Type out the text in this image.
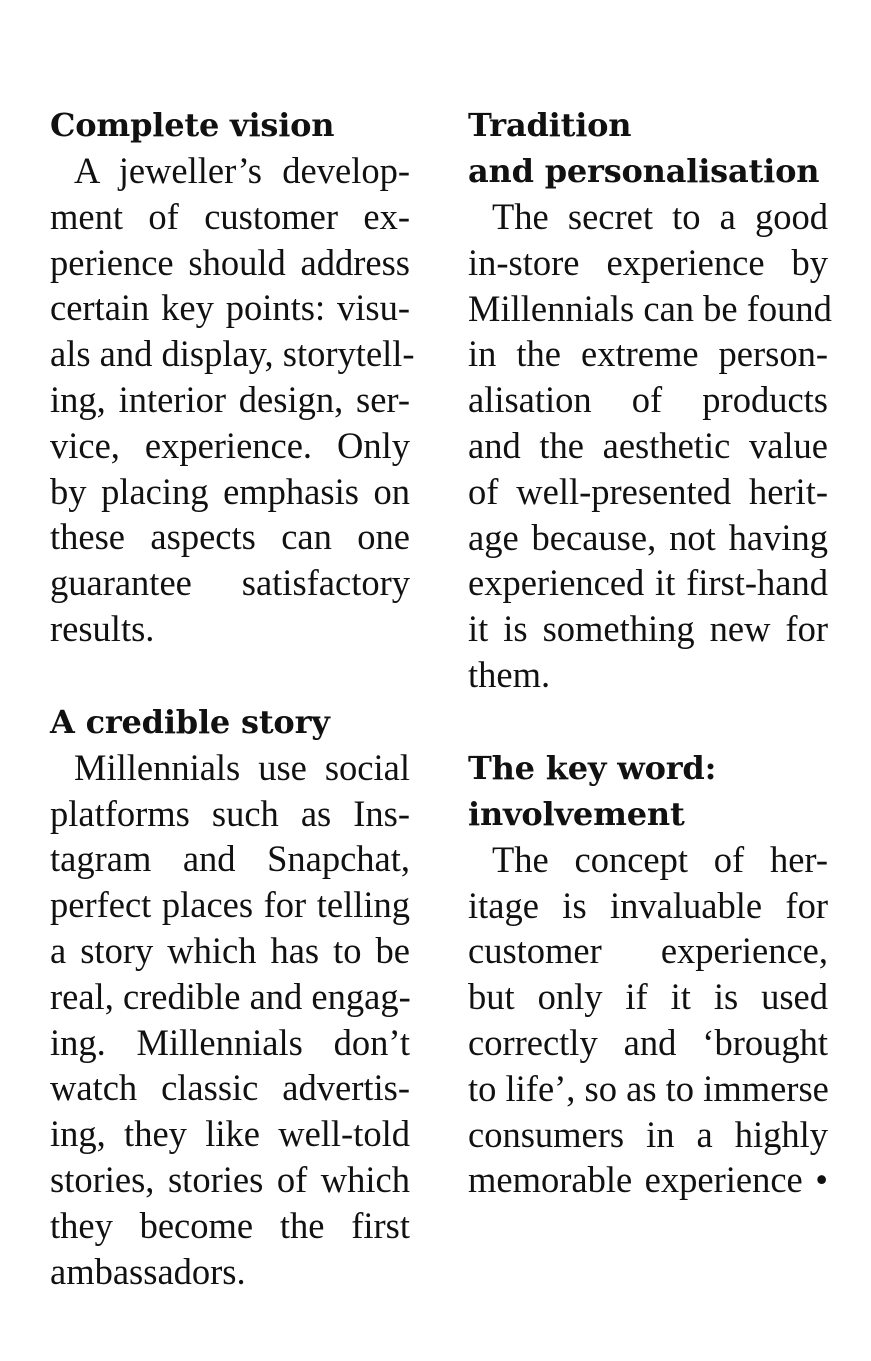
Complete vision

A jeweller’s develop-
ment of customer ex-
perience should address
certain key points: visu-
als and display, storytell-
ing, interior design, ser-
vice, experience. Only
by placing emphasis on
these aspects can one
guarantee satisfactory
results.

A credible story

Millennials use social
platforms such as Ins-
tagram and Snapchat,
perfect places for telling
a story which has to be
real, credible and engag-
ing. Millennials don’t
watch classic advertis-
ing, they like well-told
stories, stories of which
they become the first
ambassadors.

Tradition
and personalisation

The secret to a good
in-store experience by
Millennials can be found
in the extreme person-
alisation of products
and the aesthetic value
of well-presented herit-
age because, not having
experienced it first-hand
it is something new for
them.

The key word:
involvement

The concept of her-
itage is invaluable for
customer experience,
but only if it is used
correctly and ‘brought
to life’, so as to immerse
consumers in a highly
memorable experience •
